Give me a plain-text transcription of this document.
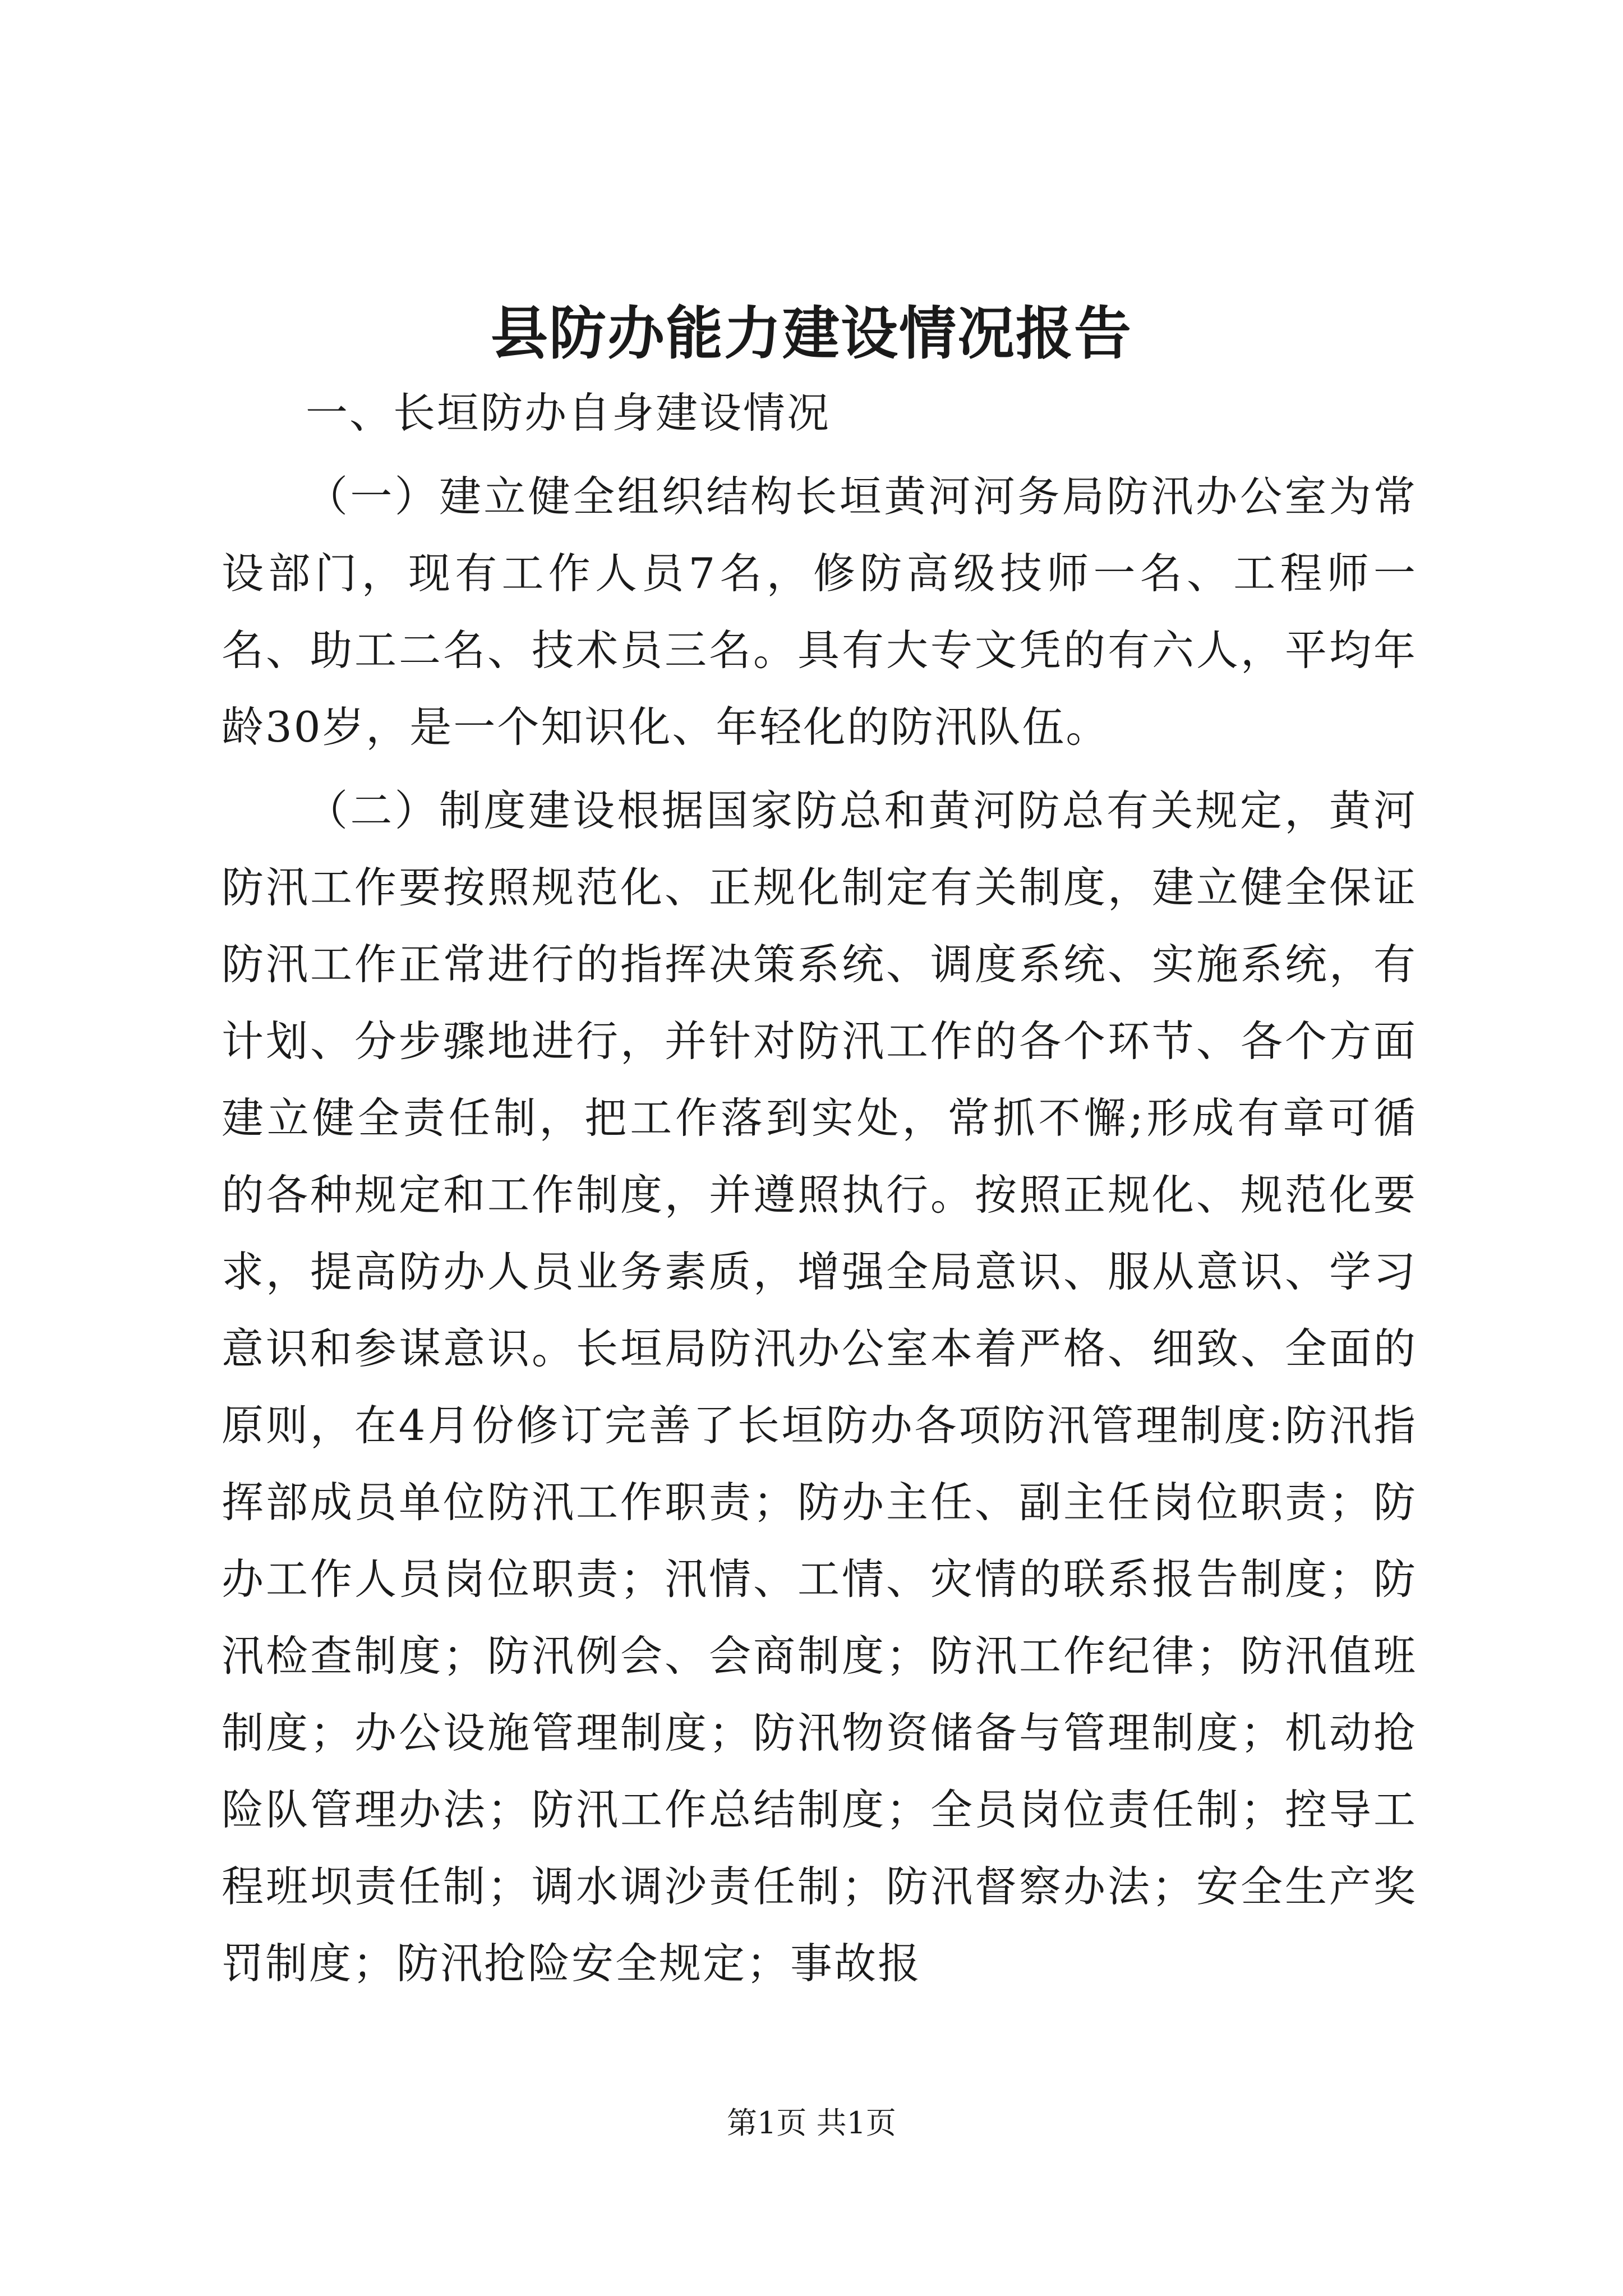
县防办能力建设情况报告

一、长垣防办自身建设情况

（一）建立健全组织结构长垣黄河河务局防汛办公室为常设部门，现有工作人员7名，修防高级技师一名、工程师一名、助工二名、技术员三名。具有大专文凭的有六人，平均年龄30岁，是一个知识化、年轻化的防汛队伍。

（二）制度建设根据国家防总和黄河防总有关规定，黄河防汛工作要按照规范化、正规化制定有关制度，建立健全保证防汛工作正常进行的指挥决策系统、调度系统、实施系统，有计划、分步骤地进行，并针对防汛工作的各个环节、各个方面建立健全责任制，把工作落到实处，常抓不懈;形成有章可循的各种规定和工作制度，并遵照执行。按照正规化、规范化要求，提高防办人员业务素质，增强全局意识、服从意识、学习意识和参谋意识。长垣局防汛办公室本着严格、细致、全面的原则，在4月份修订完善了长垣防办各项防汛管理制度:防汛指挥部成员单位防汛工作职责；防办主任、副主任岗位职责；防办工作人员岗位职责；汛情、工情、灾情的联系报告制度；防汛检查制度；防汛例会、会商制度；防汛工作纪律；防汛值班制度；办公设施管理制度；防汛物资储备与管理制度；机动抢险队管理办法；防汛工作总结制度；全员岗位责任制；控导工程班坝责任制；调水调沙责任制；防汛督察办法；安全生产奖罚制度；防汛抢险安全规定；事故报

第1页 共1页
